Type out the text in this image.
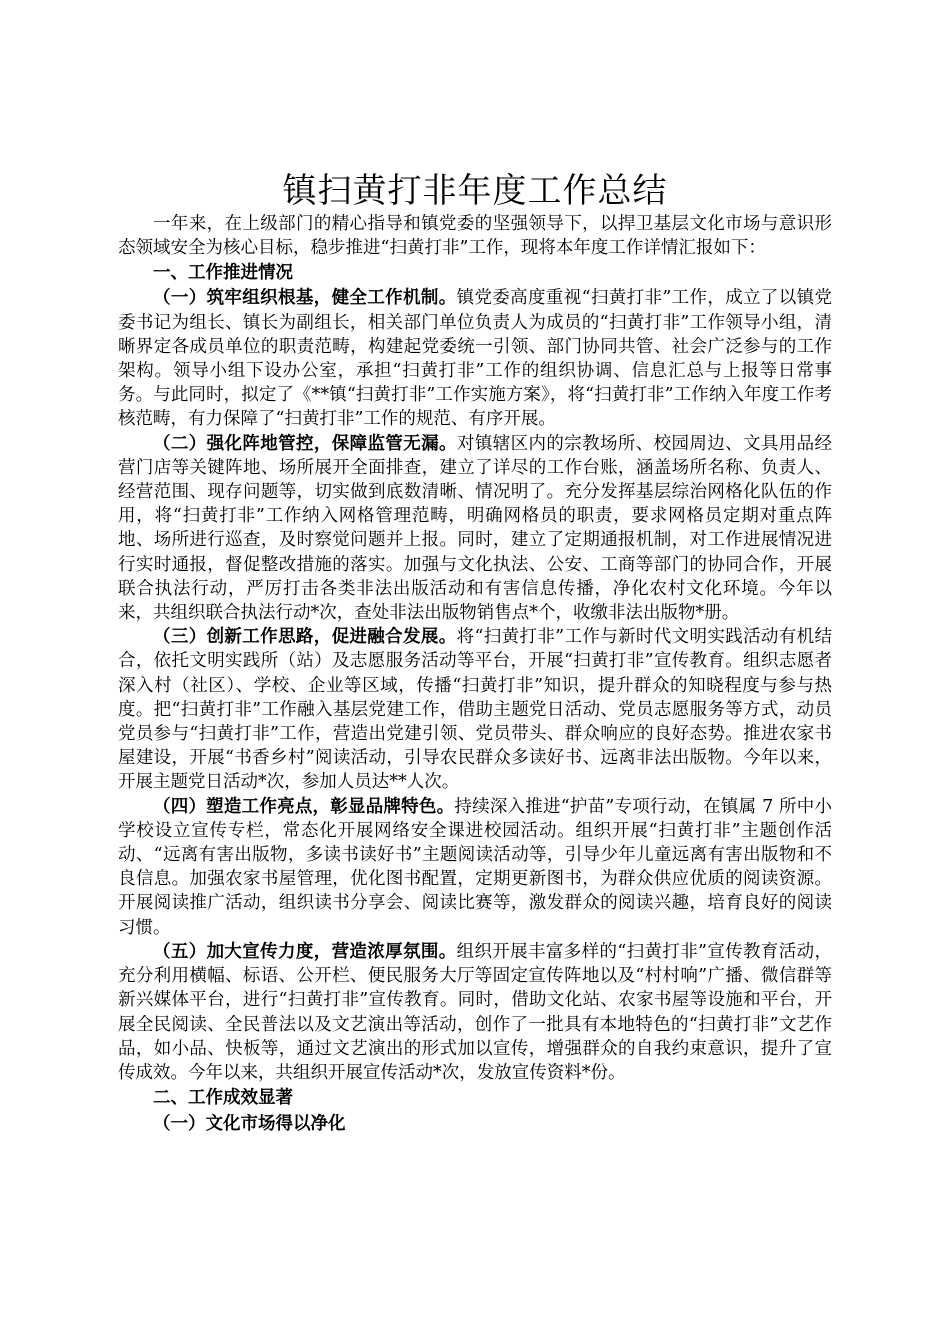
镇扫黄打非年度工作总结

一年来，在上级部门的精心指导和镇党委的坚强领导下，以捍卫基层文化市场与意识形态领域安全为核心目标，稳步推进“扫黄打非”工作，现将本年度工作详情汇报如下：

一、工作推进情况

（一）筑牢组织根基，健全工作机制。镇党委高度重视“扫黄打非”工作，成立了以镇党委书记为组长、镇长为副组长，相关部门单位负责人为成员的“扫黄打非”工作领导小组，清晰界定各成员单位的职责范畴，构建起党委统一引领、部门协同共管、社会广泛参与的工作架构。领导小组下设办公室，承担“扫黄打非”工作的组织协调、信息汇总与上报等日常事务。与此同时，拟定了《**镇“扫黄打非”工作实施方案》，将“扫黄打非”工作纳入年度工作考核范畴，有力保障了“扫黄打非”工作的规范、有序开展。

（二）强化阵地管控，保障监管无漏。对镇辖区内的宗教场所、校园周边、文具用品经营门店等关键阵地、场所展开全面排查，建立了详尽的工作台账，涵盖场所名称、负责人、经营范围、现存问题等，切实做到底数清晰、情况明了。充分发挥基层综治网格化队伍的作用，将“扫黄打非”工作纳入网格管理范畴，明确网格员的职责，要求网格员定期对重点阵地、场所进行巡查，及时察觉问题并上报。同时，建立了定期通报机制，对工作进展情况进行实时通报，督促整改措施的落实。加强与文化执法、公安、工商等部门的协同合作，开展联合执法行动，严厉打击各类非法出版活动和有害信息传播，净化农村文化环境。今年以来，共组织联合执法行动*次，查处非法出版物销售点*个，收缴非法出版物*册。

（三）创新工作思路，促进融合发展。将“扫黄打非”工作与新时代文明实践活动有机结合，依托文明实践所（站）及志愿服务活动等平台，开展“扫黄打非”宣传教育。组织志愿者深入村（社区）、学校、企业等区域，传播“扫黄打非”知识，提升群众的知晓程度与参与热度。把“扫黄打非”工作融入基层党建工作，借助主题党日活动、党员志愿服务等方式，动员党员参与“扫黄打非”工作，营造出党建引领、党员带头、群众响应的良好态势。推进农家书屋建设，开展“书香乡村”阅读活动，引导农民群众多读好书、远离非法出版物。今年以来，开展主题党日活动*次，参加人员达**人次。

（四）塑造工作亮点，彰显品牌特色。持续深入推进“护苗”专项行动，在镇属 7 所中小学校设立宣传专栏，常态化开展网络安全课进校园活动。组织开展“扫黄打非”主题创作活动、“远离有害出版物，多读书读好书”主题阅读活动等，引导少年儿童远离有害出版物和不良信息。加强农家书屋管理，优化图书配置，定期更新图书，为群众供应优质的阅读资源。开展阅读推广活动，组织读书分享会、阅读比赛等，激发群众的阅读兴趣，培育良好的阅读习惯。

（五）加大宣传力度，营造浓厚氛围。组织开展丰富多样的“扫黄打非”宣传教育活动，充分利用横幅、标语、公开栏、便民服务大厅等固定宣传阵地以及“村村响”广播、微信群等新兴媒体平台，进行“扫黄打非”宣传教育。同时，借助文化站、农家书屋等设施和平台，开展全民阅读、全民普法以及文艺演出等活动，创作了一批具有本地特色的“扫黄打非”文艺作品，如小品、快板等，通过文艺演出的形式加以宣传，增强群众的自我约束意识，提升了宣传成效。今年以来，共组织开展宣传活动*次，发放宣传资料*份。

二、工作成效显著

（一）文化市场得以净化
